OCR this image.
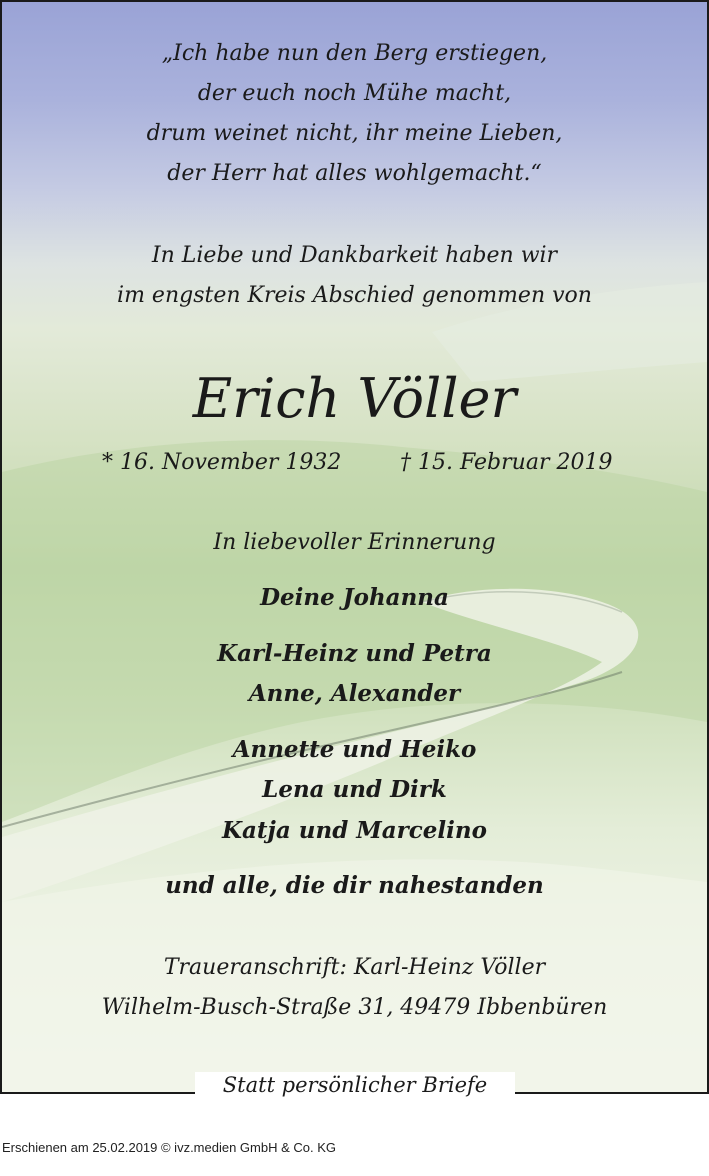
„Ich habe nun den Berg erstiegen,
der euch noch Mühe macht,
drum weinet nicht, ihr meine Lieben,
der Herr hat alles wohlgemacht.“
In Liebe und Dankbarkeit haben wir
im engsten Kreis Abschied genommen von
Erich Völler
* 16. November 1932	† 15. Februar 2019
In liebevoller Erinnerung
Deine Johanna
Karl-Heinz und Petra
Anne, Alexander
Annette und Heiko
Lena und Dirk
Katja und Marcelino
und alle, die dir nahestanden
Traueranschrift: Karl-Heinz Völler
Wilhelm-Busch-Straße 31, 49479 Ibbenbüren
Statt persönlicher Briefe
Erschienen am 25.02.2019 © ivz.medien GmbH & Co. KG
